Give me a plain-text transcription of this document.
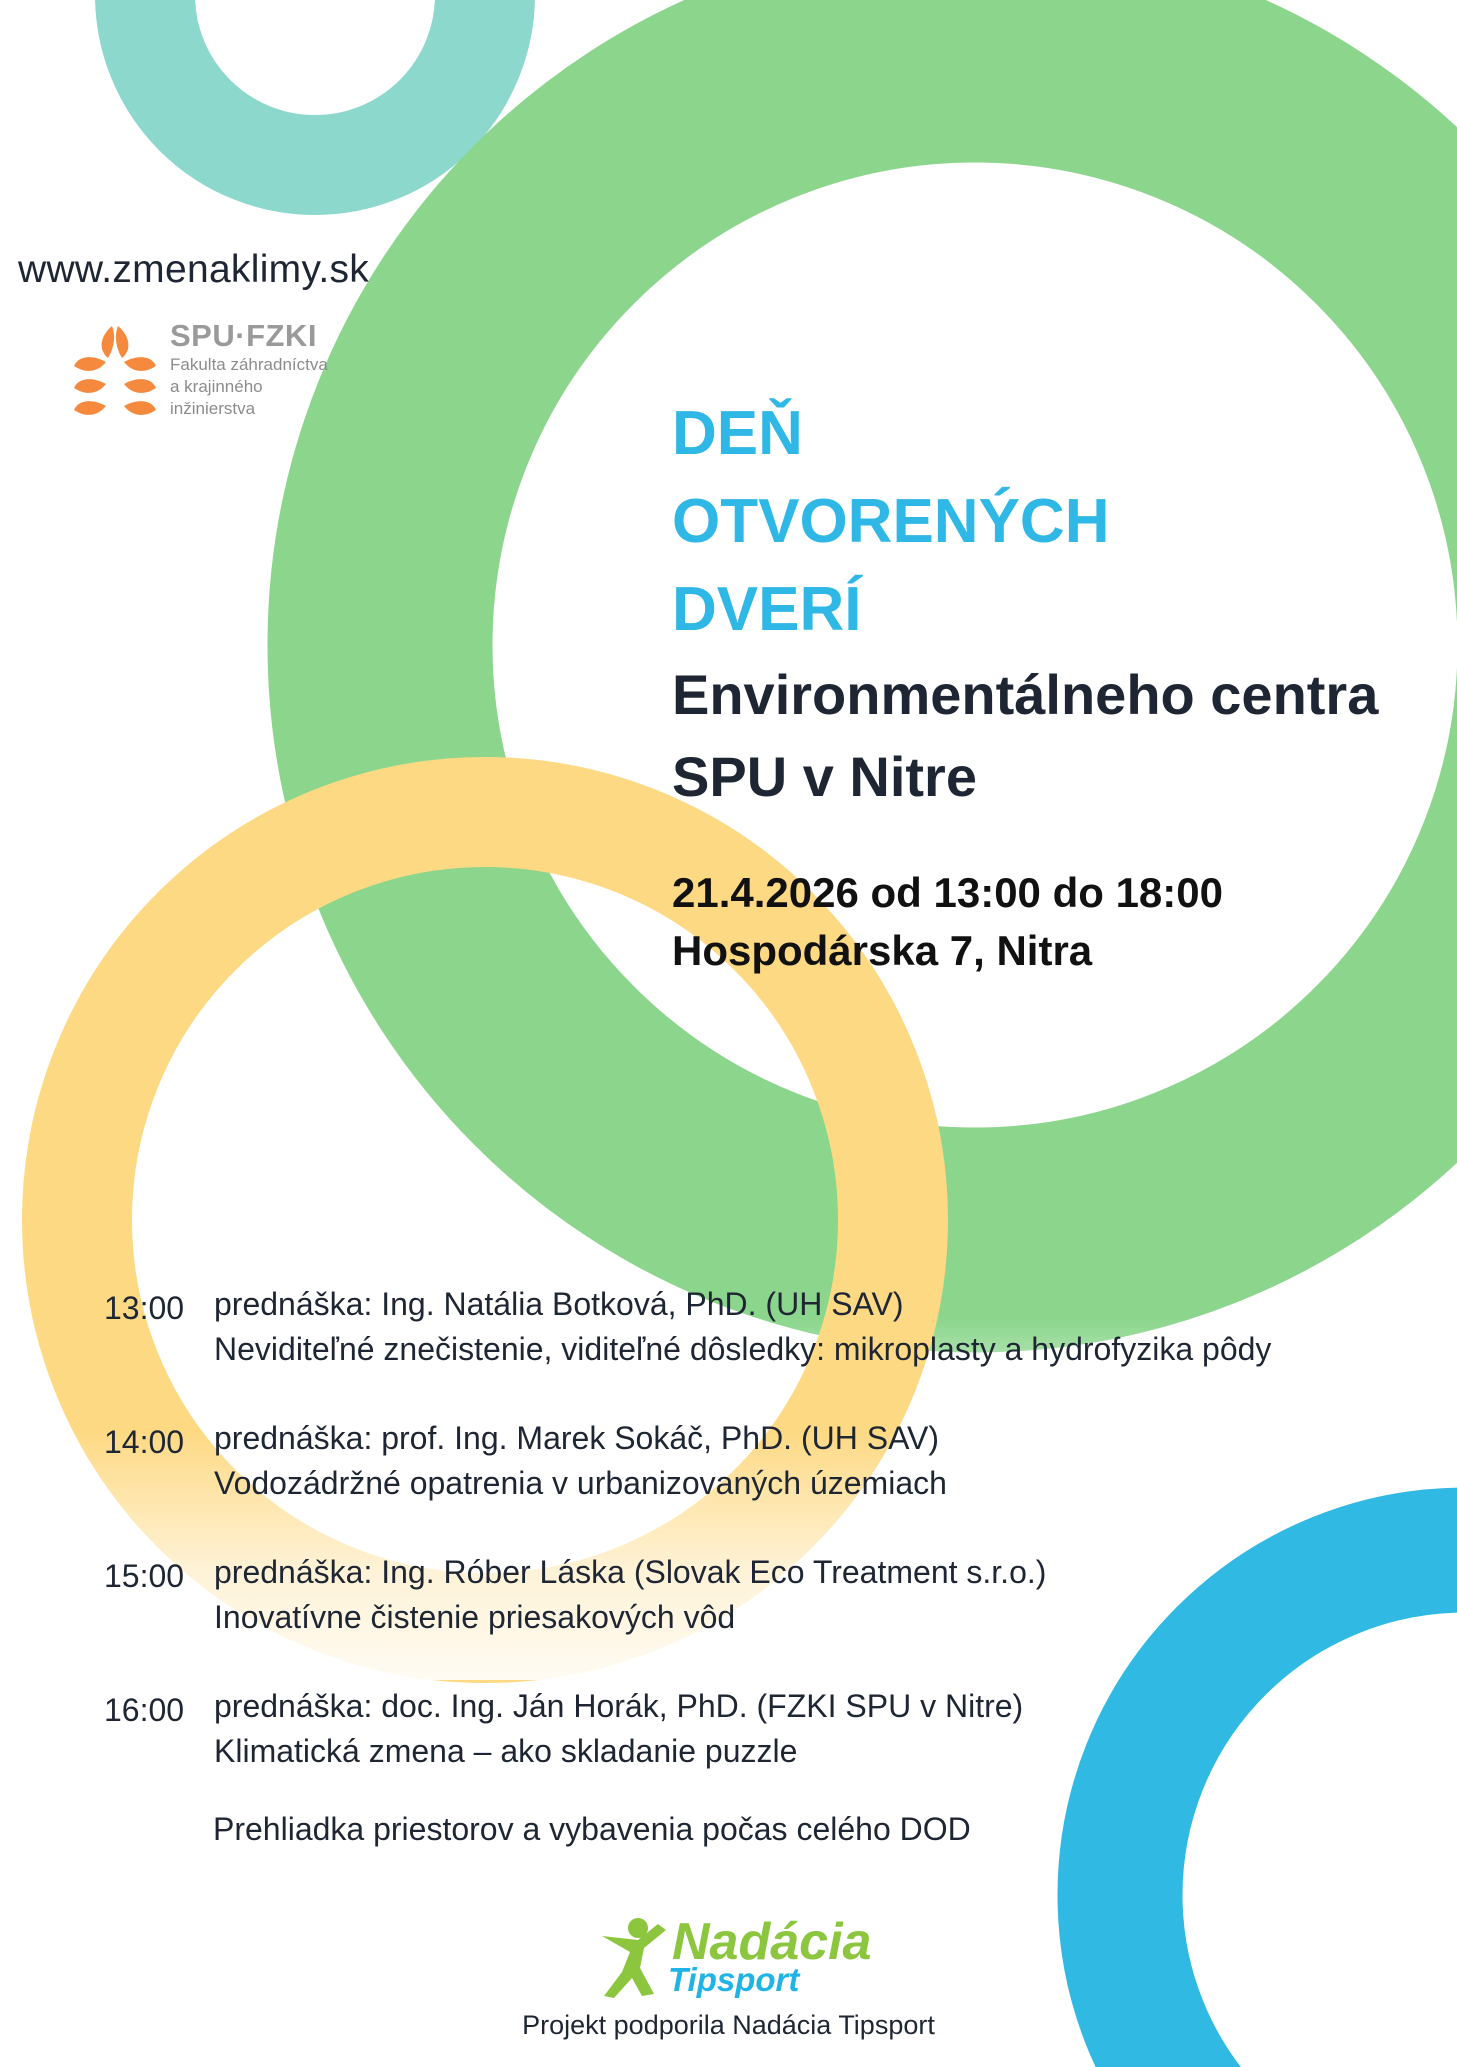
www.zmenaklimy.sk
SPU·FZKI
Fakulta záhradníctva
a krajinného
inžinierstva	DEŇ
OTVORENÝCH
DVERÍ
Environmentálneho centra
SPU v Nitre
21.4.2026 od 13:00 do 18:00
Hospodárska 7, Nitra
13:00 prednáška: Ing. Natália Botková, PhD. (UH SAV)
Neviditeľné znečistenie, viditeľné dôsledky: mikroplasty a hydrofyzika pôdy
14:00 prednáška: prof. Ing. Marek Sokáč, PhD. (UH SAV)
Vodozádržné opatrenia v urbanizovaných územiach
15:00 prednáška: Ing. Róber Láska (Slovak Eco Treatment s.r.o.)
Inovatívne čistenie priesakových vôd
16:00 prednáška: doc. Ing. Ján Horák, PhD. (FZKI SPU v Nitre)
Klimatická zmena – ako skladanie puzzle
Prehliadka priestorov a vybavenia počas celého DOD
Nadácia
Tipsport
Projekt podporila Nadácia Tipsport
